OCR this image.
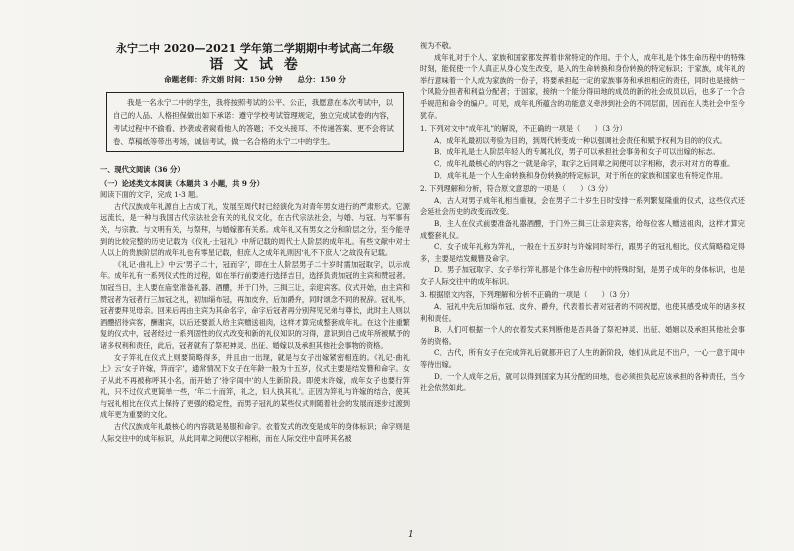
永宁二中 2020—2021 学年第二学期期中考试高二年级
语 文 试 卷
命题老师：乔文娟 时间：150 分钟　　总分：150 分

我是一名永宁二中的学生，我将按照考试的公平、公正，我愿意在本次考试中，以自己的人品、人格担保做出如下承诺：遵守学校考试管理规定，独立完成试卷的内容，考试过程中不偷看、抄袭或者窥看他人的答题；不交头接耳、不传递答案、更不会将试卷、草稿纸等带出考场，诚信考试，做一名合格的永宁二中的学生。

一、现代文阅读（36 分）
（一）论述类文本阅读（本题共 3 小题，共 9 分）
阅读下面的文字，完成 1-3 题。

古代汉族成年礼源自上古成丁礼，发展至周代时已经演化为对青年男女进行的严肃形式。它源远流长，是一种与我国古代宗法社会有关的礼仪文化，在古代宗法社会，与婚、与冠、与军事有关，与宗教、与文明有关，与祭拜，与婚嫁都有关系。成年礼又有男女之分和阶层之分，至今能寻到的比较完整的历史记载为《仪礼·士冠礼》中所记载的周代士人阶层的成年礼。有些文献中对士人以上的贵族阶层的成年礼也有零星记载，但庶人之成年礼则因‘礼不下庶人’之故没有记载。

《礼记·曲礼上》中云‘男子二十，冠而字’，即在士人阶层男子二十岁时需加冠取字，以示成年。成年礼有一系列仪式性的过程，如在举行前要进行选择吉日，选择负责加冠的主宾和赞冠者。加冠当日，主人要在庙堂准备礼器、酒醴，并于门外，三揖三让，亲迎宾客。仪式开始，由主宾和赞冠者为冠者行三加冠之礼，初加缁布冠，再加皮弁，后加爵弁，同时颂念不同的祝辞。冠礼毕，冠者要拜见母亲。回来后再由主宾为其命名字，命字后冠者再分别拜见兄弟与尊长，此时主人则以酒醴招待宾客，酬谢宾，以后还要派人给主宾赠送祖肉，这样才算完成整套成年礼。在这个注重繁复的仪式中，冠者经过一系列固性的仪式改变和新的礼仪知识的习得，意识到自己成年所被赋予的诸多权利和责任，此后，冠者就有了祭祀神灵、出征、婚嫁以及承担其他社会事物的资格。

女子笄礼在仪式上则要简略得多，并且由一出现，就是与女子出嫁紧密相连的。《礼记·曲礼上》云‘女子许嫁，笄而字’，通常情况下女子在年龄一般为十五岁，仪式主要是结发簪和命字。女子从此不再被称呼其小名，而开始了‘待字闺中’的人生新阶段。即使未许嫁，成年女子也要行笄礼，只不过仪式更简单一些，‘年二十而笄，礼之，妇人执其礼’。正因为笄礼与许嫁的结合，使其与冠礼相比在仪式上保持了更强的稳定性，而男子冠礼的某些仪式则随着社会的发展而逐步过渡到成年更为重要的文化。

古代汉族成年礼最核心的内容就是易服和命字。衣着发式的改变是成年的身体标识；命字则是人际交往中的成年标识，从此同辈之间便以字相称，而在人际交往中直呼其名被

视为不敬。

成年礼对于个人、家族和国家都发挥着非常特定的作用。于个人，成年礼是个体生命历程中的特殊时刻，能促使一个人真正从身心发生改变，是入的生命转换和身份转换的特定标识；于家族，成年礼的举行意味着一个人成为家族的一份子，将要承担起一定的家族事务和承担相应的责任，同时也是接纳一个风险分担者和利益分配者；于国家，接纳一个能分得田地的成员的新的社会成员以后，也多了一个合乎规范和命令的编户。可见，成年礼所蕴含的功能意义牵涉到社会的不同层面，因而在人类社会中至今犹存。

1. 下列对文中“成年礼”的解说，不正确的一项是（　　）（3 分）

A．成年礼最初以考验为目的，到周代转变成一种以强调社会责任和赋予权利为目的的仪式。

B．成年礼是士人阶层年轻人的专属礼仪，男子可以承担社会事务和女子可以出嫁的标志。

C．成年礼最核心的内容之一就是命字，取字之后同辈之间便可以字相称，表示对对方的尊重。

D．成年礼是一个人生命转换和身份转换的特定标识，对于所在的家族和国家也有特定作用。

2. 下列理解和分析，符合原文意思的一项是（　　）（3 分）

A．古人对男子成年礼相当重视，会在男子二十岁生日时安排一系列繁复隆重的仪式，这些仪式还会延社会历史的改变而改变。

B．主人在仪式前要准备礼器酒醴，于门外三揖三让亲迎宾客，给每位客人赠送祖肉，这样才算完成整套礼仪。

C．女子成年礼称为笄礼，一般在十五岁时与许嫁同时举行，跟男子的冠礼相比，仪式简略稳定得多，主要是结发戴簪及命字。

D．男子加冠取字、女子举行笄礼都是个体生命历程中的特殊时刻，是男子成年的身体标识，也是女子人际交往中的成年标识。

3. 根据原文内容，下列理解和分析不正确的一项是（　　）（3 分）

A．冠礼中先后加缁布冠、皮弁、爵弁，代表着长者对冠者的不同祝愿，也使其感受成年的诸多权利和责任。

B．人们可根据一个人的衣着发式来判断他是否具备了祭祀神灵、出征、婚姻以及承担其他社会事务的资格。

C．古代，所有女子在完成笄礼后就都开启了人生的新阶段，她们从此足不出户，一心一意于闺中等待出嫁。

D．一个人成年之后，就可以得到国家为其分配的田地，也必须担负起应该承担的各种责任，当今社会依然如此。

1
